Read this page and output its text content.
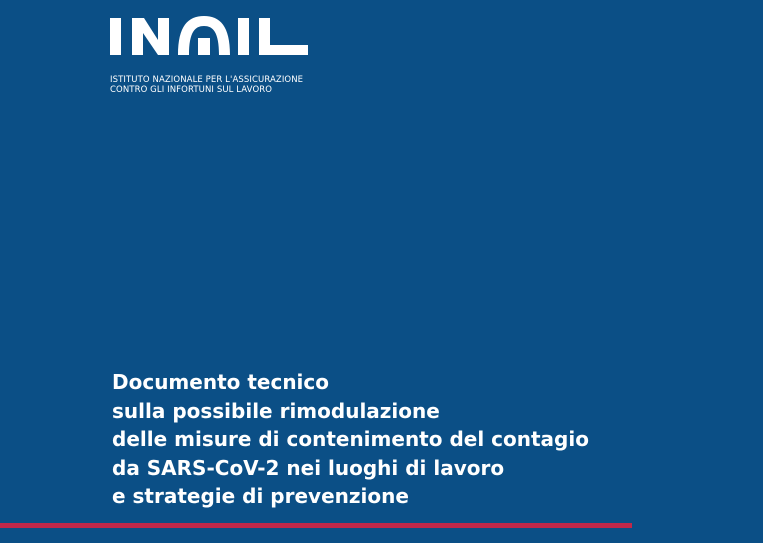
ISTITUTO NAZIONALE PER L'ASSICURAZIONE
CONTRO GLI INFORTUNI SUL LAVORO
Documento tecnico
sulla possibile rimodulazione
delle misure di contenimento del contagio
da SARS-CoV-2 nei luoghi di lavoro
e strategie di prevenzione
